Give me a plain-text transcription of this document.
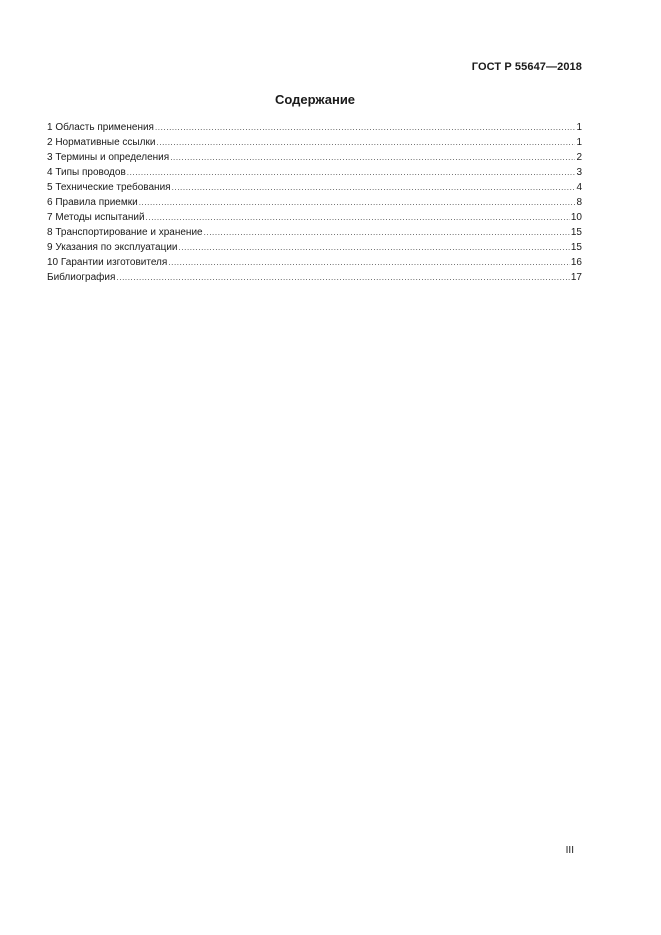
ГОСТ Р 55647—2018
Содержание
1 Область применения .....	1
2 Нормативные ссылки .....	1
3 Термины и определения .....	2
4 Типы проводов .....	3
5 Технические требования .....	4
6 Правила приемки .....	8
7 Методы испытаний .....	10
8 Транспортирование и хранение .....	15
9 Указания по эксплуатации .....	15
10 Гарантии изготовителя .....	16
Библиография .....	17
III
